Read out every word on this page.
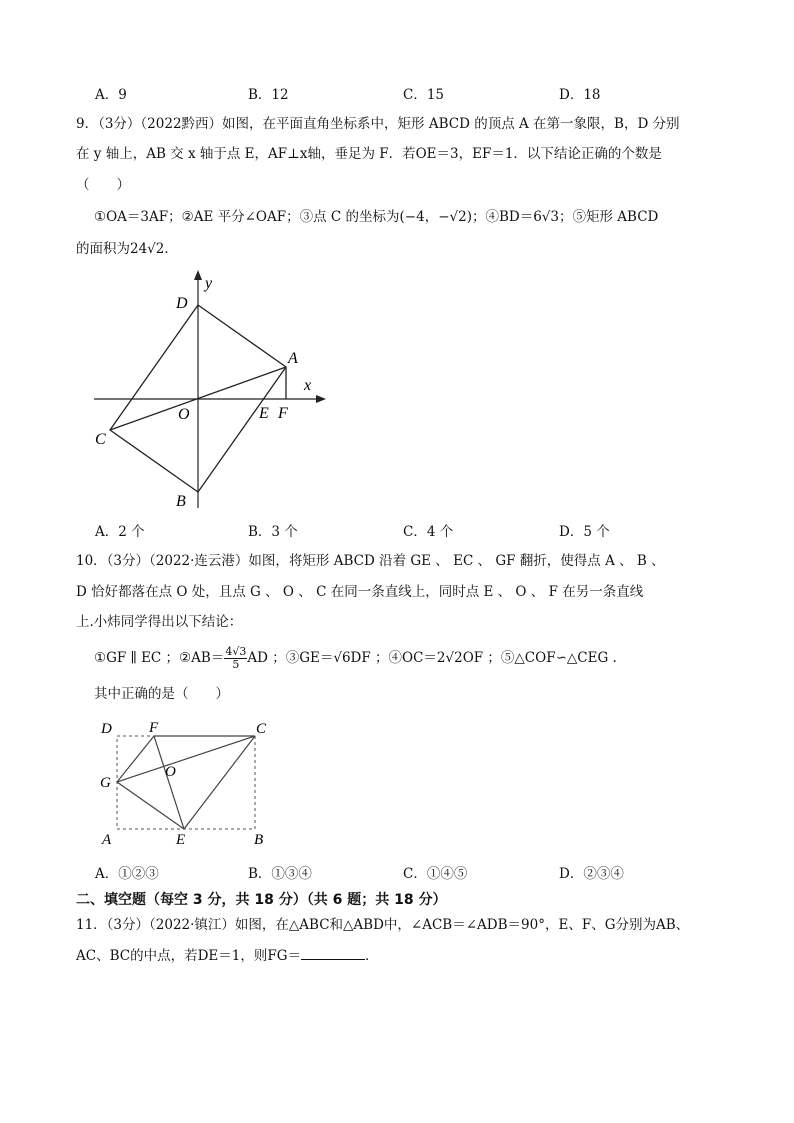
A．9	B．12	C．15	D．18
9．（3分）（2022黔西）如图，在平面直角坐标系中，矩形 ABCD 的顶点 A 在第一象限，B，D 分别
在 y 轴上，AB 交 x 轴于点 E，AF⊥x轴，垂足为 F．若OE＝3，EF＝1．以下结论正确的个数是
（　　）
①OA＝3AF；②AE 平分∠OAF；③点 C 的坐标为(−4，−√2)；④BD＝6√3；⑤矩形 ABCD
的面积为24√2．
D
y
A
x
O	E F
C
B
A．2 个	B．3 个	C．4 个	D．5 个
10．（3分）（2022·连云港）如图，将矩形 ABCD 沿着 GE 、 EC 、 GF 翻折，使得点 A 、 B 、
D 恰好都落在点 O 处，且点 G 、 O 、 C 在同一条直线上，同时点 E 、 O 、 F 在另一条直线
上.小炜同学得出以下结论：
①GF ∥ EC ；②AB＝ $\frac{4√3}{5}$ AD ；③GE＝√6DF ；④OC＝2√2OF ；⑤△COF∽△CEG .
其中正确的是（　　）
D F	C
G
O
A	E	B
A．①②③	B．①③④	C．①④⑤	D．②③④
二、填空题（每空 3 分，共 18 分）（共 6 题；共 18 分）
11．（3分）（2022·镇江）如图，在△ABC和△ABD中，∠ACB＝∠ADB＝90°，E、F、G分别为AB、
AC、BC的中点，若DE＝1，则FG＝	．
